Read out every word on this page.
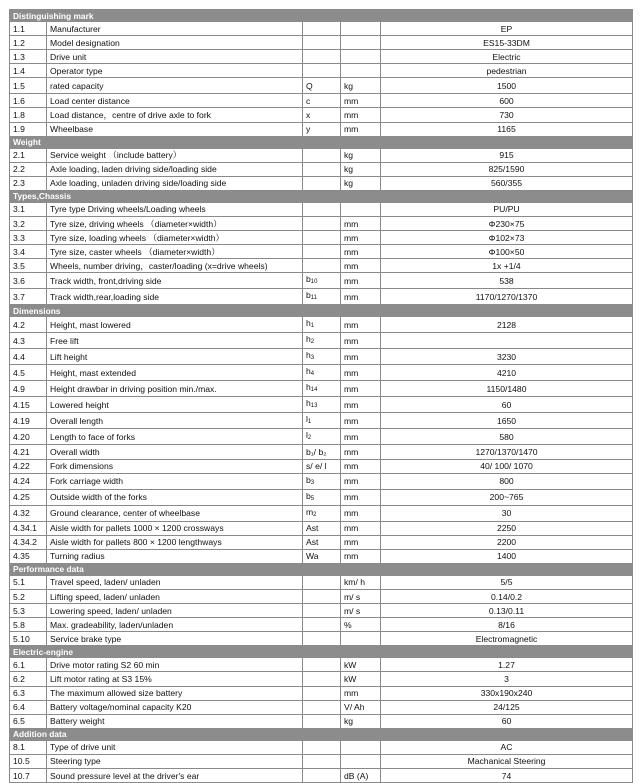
Distinguishing mark				
1.1	Manufacturer			EP
1.2	Model designation			ES15-33DM
1.3	Drive unit			Electric
1.4	Operator type			pedestrian
1.5	rated capacity	Q	kg	1500
1.6	Load center distance	c	mm	600
1.8	Load distance，centre of drive axle to fork	x	mm	730
1.9	Wheelbase	y	mm	1165
Weight				
2.1	Service weight （include battery）		kg	915
2.2	Axle loading, laden driving side/loading side		kg	825/1590
2.3	Axle loading, unladen driving side/loading side		kg	560/355
Types,Chassis				
3.1	Tyre type Driving wheels/Loading wheels			PU/PU
3.2	Tyre size, driving wheels （diameter×width）		mm	Φ230×75
3.3	Tyre size, loading wheels （diameter×width）		mm	Φ102×73
3.4	Tyre size, caster wheels （diameter×width）		mm	Φ100×50
3.5	Wheels, number driving，caster/loading (x=drive wheels)		mm	1x +1/4
3.6	Track width, front,driving side	$b_{10}$	mm	538
3.7	Track width,rear,loading side	$b_{11}$	mm	1170/1270/1370
Dimensions				
4.2	Height, mast lowered	$h_1$	mm	2128
4.3	Free lift	$h_2$	mm	
4.4	Lift height	$h_3$	mm	3230
4.5	Height, mast extended	$h_4$	mm	4210
4.9	Height drawbar in driving position min./max.	$h_{14}$	mm	1150/1480
4.15	Lowered height	$h_{13}$	mm	60
4.19	Overall length	$l_1$	mm	1650
4.20	Length to face of forks	$l_2$	mm	580
4.21	Overall width	b₁/ b₂	mm	1270/1370/1470
4.22	Fork dimensions	s/ e/ l	mm	40/ 100/ 1070
4.24	Fork carriage width	$b_3$	mm	800
4.25	Outside width of the forks	$b_5$	mm	200~765
4.32	Ground clearance, center of wheelbase	$m_2$	mm	30
4.34.1	Aisle width for pallets 1000 × 1200 crossways	Ast	mm	2250
4.34.2	Aisle width for pallets 800 × 1200 lengthways	Ast	mm	2200
4.35	Turning radius	Wa	mm	1400
Performance data				
5.1	Travel speed, laden/ unladen		km/ h	5/5
5.2	Lifting speed, laden/ unladen		m/ s	0.14/0.2
5.3	Lowering speed, laden/ unladen		m/ s	0.13/0.11
5.8	Max. gradeability, laden/unladen		%	8/16
5.10	Service brake type			Electromagnetic
Electric-engine				
6.1	Drive motor rating S2 60 min		kW	1.27
6.2	Lift motor rating at S3 15%		kW	3
6.3	The maximum allowed size battery		mm	330x190x240
6.4	Battery voltage/nominal capacity K20		V/ Ah	24/125
6.5	Battery weight		kg	60
Addition data				
8.1	Type of drive unit			AC
10.5	Steering type			Machanical Steering
10.7	Sound pressure level at the driver's ear		dB (A)	74
